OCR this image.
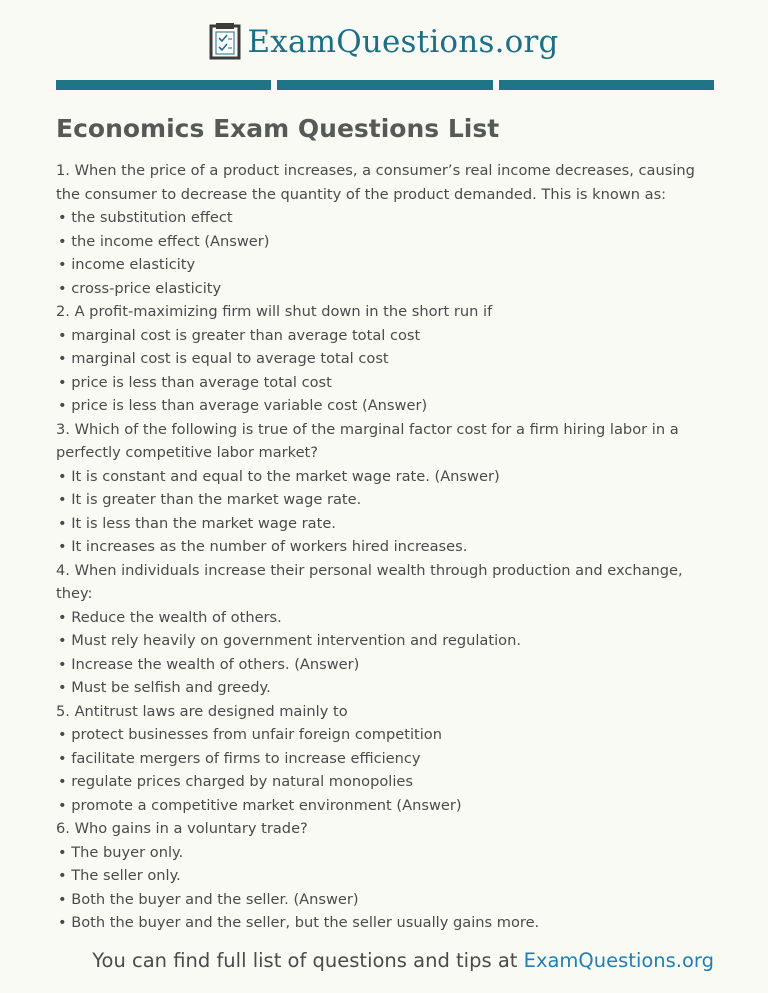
ExamQuestions.org
Economics Exam Questions List
1. When the price of a product increases, a consumer’s real income decreases, causing the consumer to decrease the quantity of the product demanded. This is known as:
• the substitution effect
• the income effect (Answer)
• income elasticity
• cross-price elasticity
2. A profit-maximizing firm will shut down in the short run if
• marginal cost is greater than average total cost
• marginal cost is equal to average total cost
• price is less than average total cost
• price is less than average variable cost (Answer)
3. Which of the following is true of the marginal factor cost for a firm hiring labor in a perfectly competitive labor market?
• It is constant and equal to the market wage rate. (Answer)
• It is greater than the market wage rate.
• It is less than the market wage rate.
• It increases as the number of workers hired increases.
4. When individuals increase their personal wealth through production and exchange, they:
• Reduce the wealth of others.
• Must rely heavily on government intervention and regulation.
• Increase the wealth of others. (Answer)
• Must be selfish and greedy.
5. Antitrust laws are designed mainly to
• protect businesses from unfair foreign competition
• facilitate mergers of firms to increase efficiency
• regulate prices charged by natural monopolies
• promote a competitive market environment (Answer)
6. Who gains in a voluntary trade?
• The buyer only.
• The seller only.
• Both the buyer and the seller. (Answer)
• Both the buyer and the seller, but the seller usually gains more.
You can find full list of questions and tips at ExamQuestions.org
